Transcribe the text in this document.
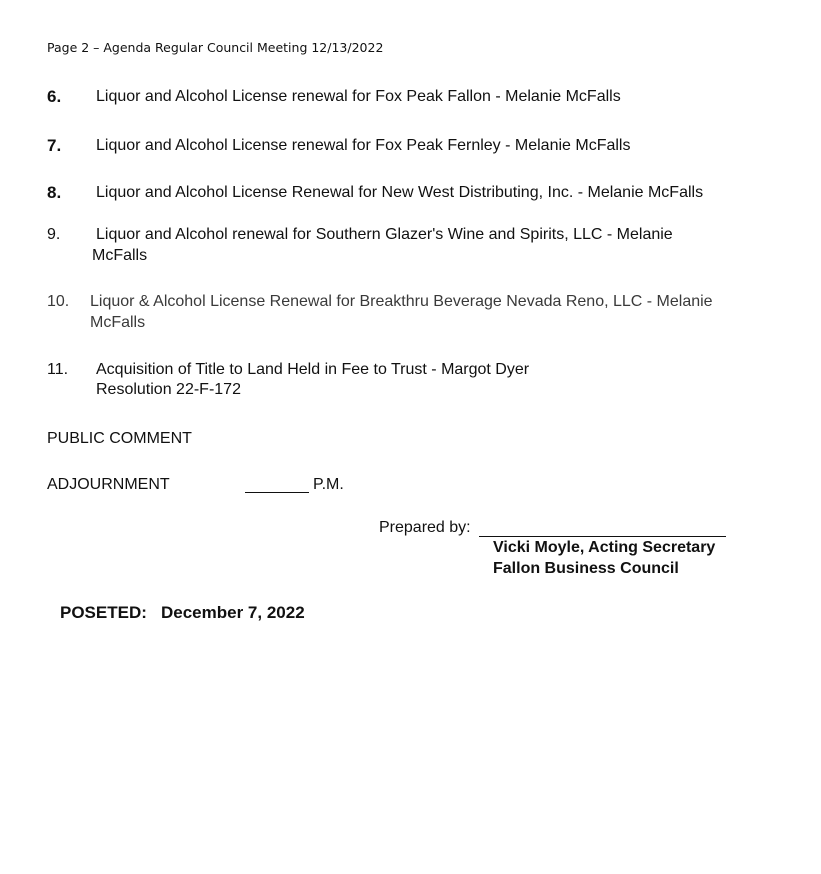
Page 2 – Agenda Regular Council Meeting 12/13/2022
6. Liquor and Alcohol License renewal for Fox Peak Fallon - Melanie McFalls
7. Liquor and Alcohol License renewal for Fox Peak Fernley - Melanie McFalls
8. Liquor and Alcohol License Renewal for New West Distributing, Inc. - Melanie McFalls
9. Liquor and Alcohol renewal for Southern Glazer's Wine and Spirits, LLC - Melanie
McFalls
10. Liquor & Alcohol License Renewal for Breakthru Beverage Nevada Reno, LLC - Melanie
McFalls
11. Acquisition of Title to Land Held in Fee to Trust - Margot Dyer
Resolution 22-F-172
PUBLIC COMMENT
ADJOURNMENT	P.M.
Prepared by:
Vicki Moyle, Acting Secretary
Fallon Business Council
POSETED: December 7, 2022
